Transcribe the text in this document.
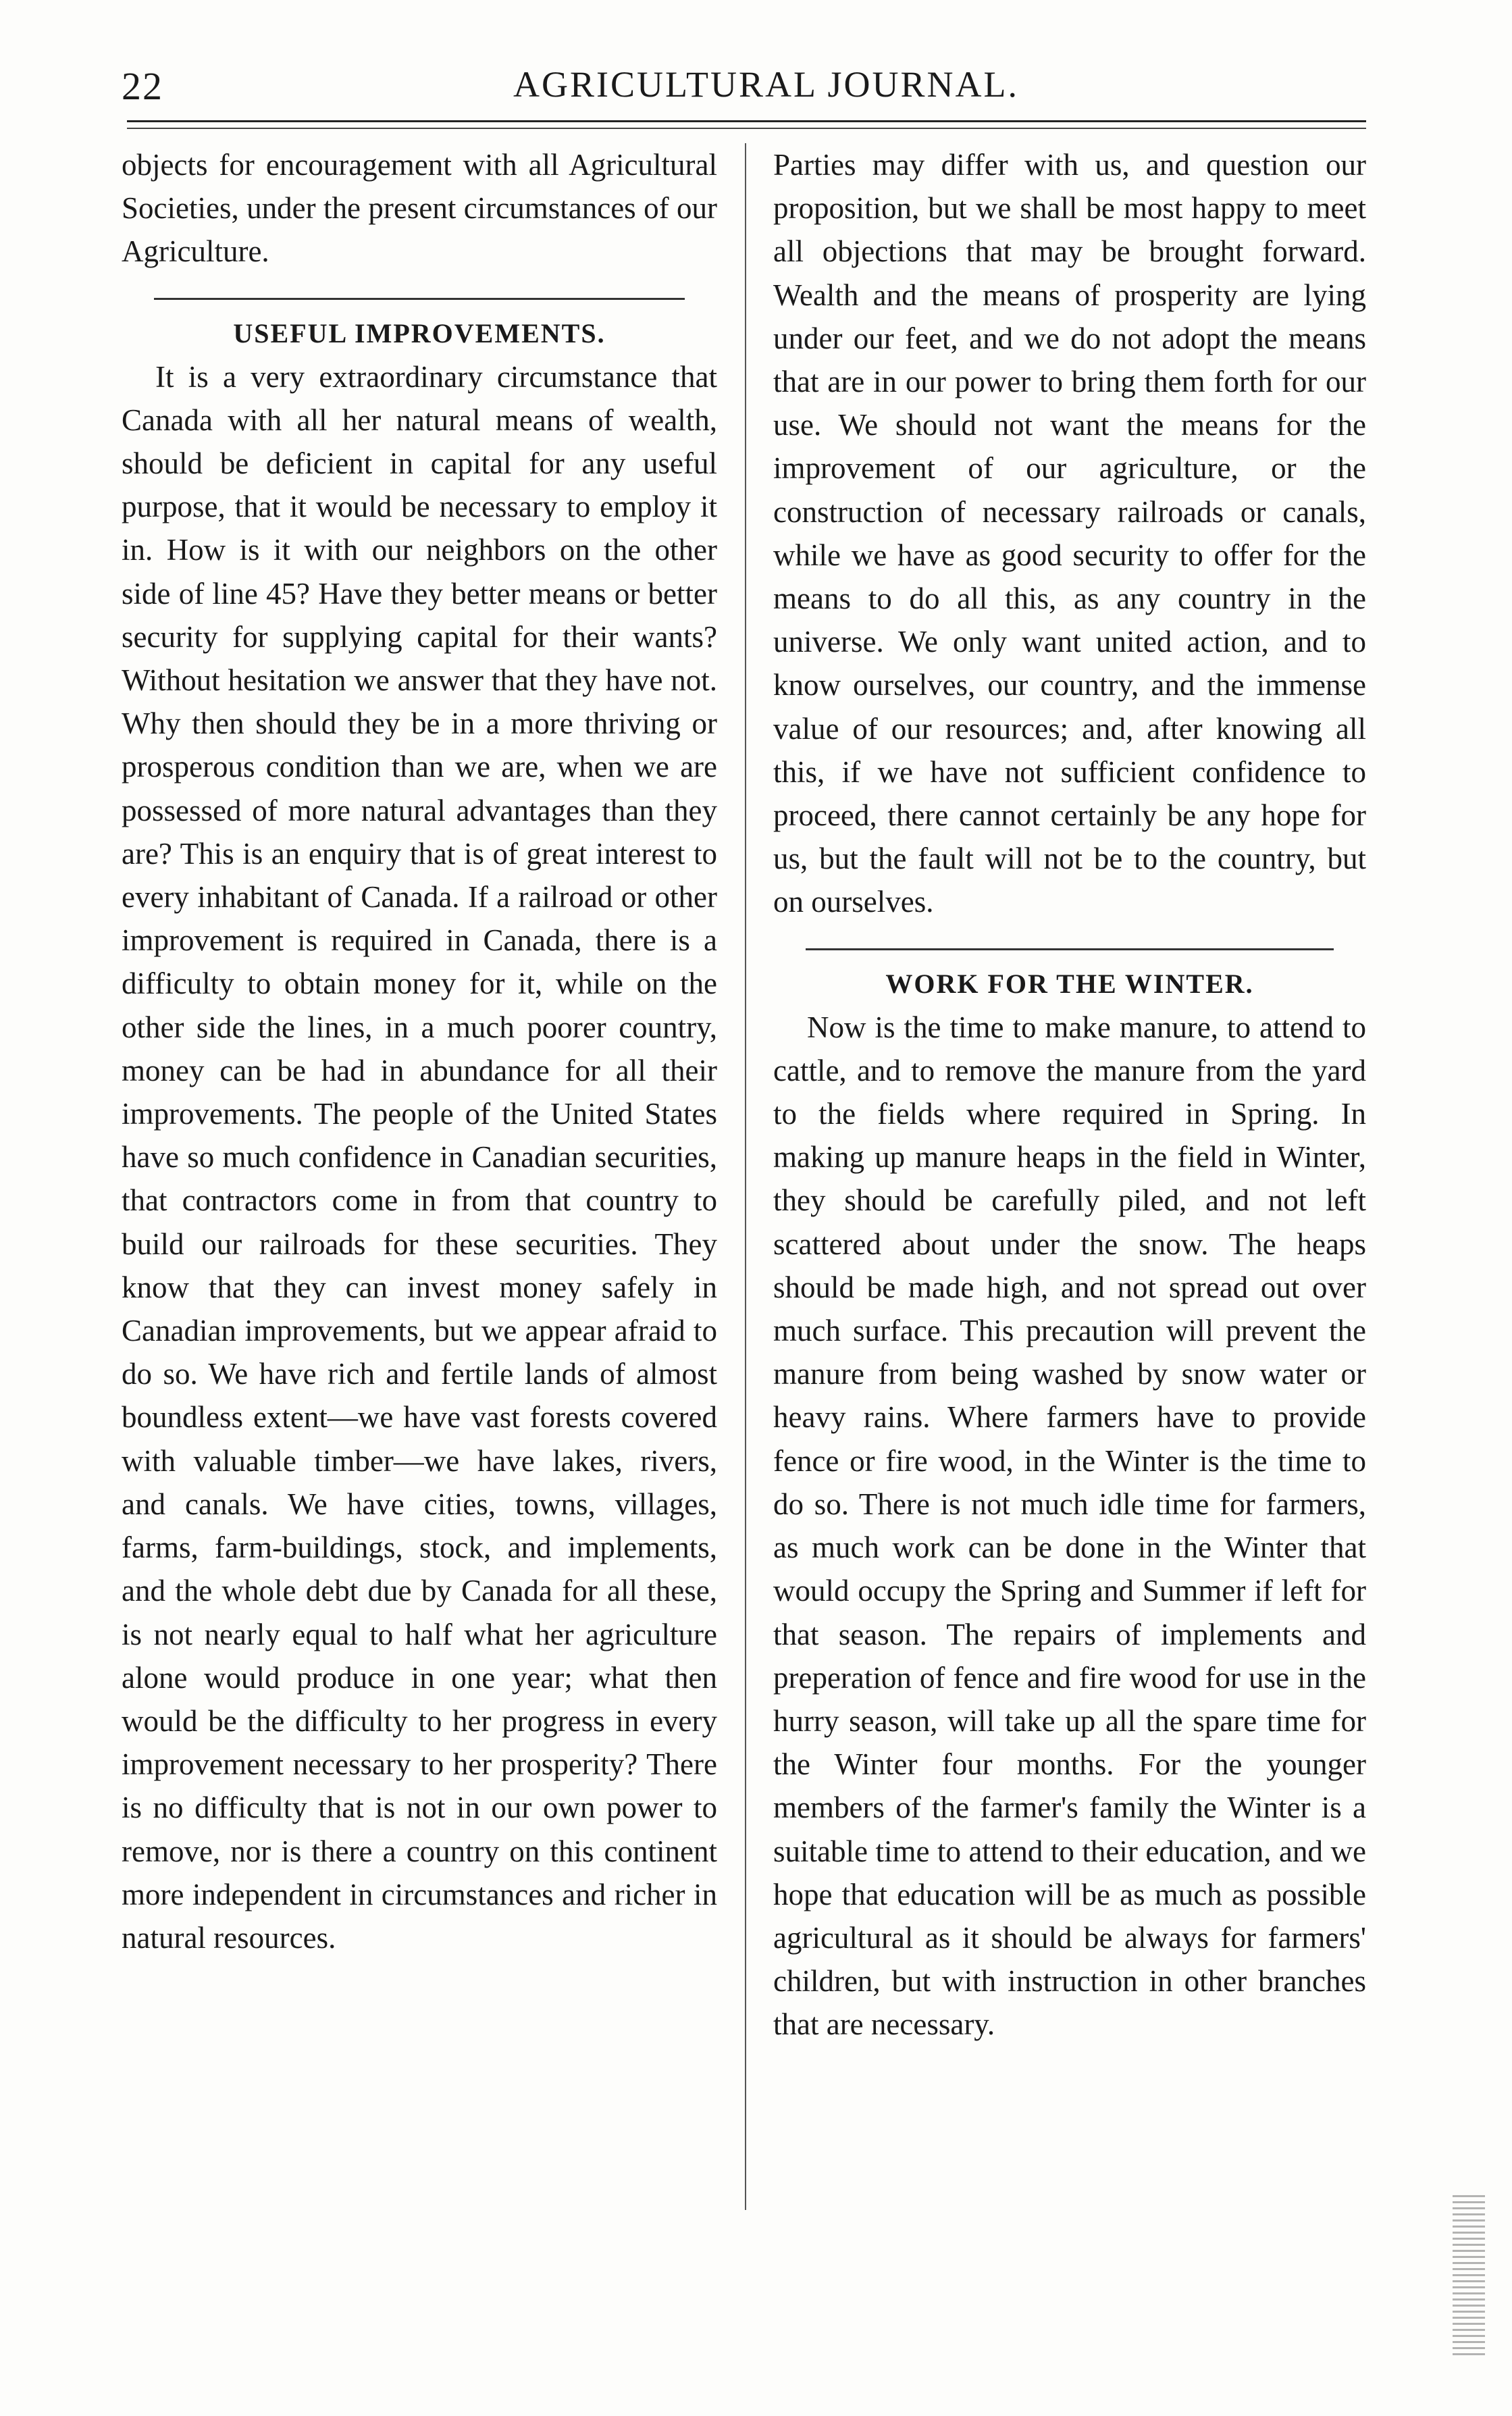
22	AGRICULTURAL JOURNAL.

objects for encouragement with all Agricultural Societies, under the present circumstances of our Agriculture.

USEFUL IMPROVEMENTS.

It is a very extraordinary circumstance that Canada with all her natural means of wealth, should be deficient in capital for any useful purpose, that it would be necessary to employ it in. How is it with our neighbors on the other side of line 45? Have they better means or better security for supplying capital for their wants? Without hesitation we answer that they have not. Why then should they be in a more thriving or prosperous condition than we are, when we are possessed of more natural advantages than they are? This is an enquiry that is of great interest to every inhabitant of Canada. If a railroad or other improvement is required in Canada, there is a difficulty to obtain money for it, while on the other side the lines, in a much poorer country, money can be had in abundance for all their improvements. The people of the United States have so much confidence in Canadian securities, that contractors come in from that country to build our railroads for these securities. They know that they can invest money safely in Canadian improvements, but we appear afraid to do so. We have rich and fertile lands of almost boundless extent—we have vast forests covered with valuable timber—we have lakes, rivers, and canals. We have cities, towns, villages, farms, farm-buildings, stock, and implements, and the whole debt due by Canada for all these, is not nearly equal to half what her agriculture alone would produce in one year; what then would be the difficulty to her progress in every improvement necessary to her prosperity? There is no difficulty that is not in our own power to remove, nor is there a country on this continent more independent in circumstances and richer in natural resources.

Parties may differ with us, and question our proposition, but we shall be most happy to meet all objections that may be brought forward. Wealth and the means of prosperity are lying under our feet, and we do not adopt the means that are in our power to bring them forth for our use. We should not want the means for the improvement of our agriculture, or the construction of necessary railroads or canals, while we have as good security to offer for the means to do all this, as any country in the universe. We only want united action, and to know ourselves, our country, and the immense value of our resources; and, after knowing all this, if we have not sufficient confidence to proceed, there cannot certainly be any hope for us, but the fault will not be to the country, but on ourselves.

WORK FOR THE WINTER.

Now is the time to make manure, to attend to cattle, and to remove the manure from the yard to the fields where required in Spring. In making up manure heaps in the field in Winter, they should be carefully piled, and not left scattered about under the snow. The heaps should be made high, and not spread out over much surface. This precaution will prevent the manure from being washed by snow water or heavy rains. Where farmers have to provide fence or fire wood, in the Winter is the time to do so. There is not much idle time for farmers, as much work can be done in the Winter that would occupy the Spring and Summer if left for that season. The repairs of implements and preperation of fence and fire wood for use in the hurry season, will take up all the spare time for the Winter four months. For the younger members of the farmer's family the Winter is a suitable time to attend to their education, and we hope that education will be as much as possible agricultural as it should be always for farmers' children, but with instruction in other branches that are necessary.
